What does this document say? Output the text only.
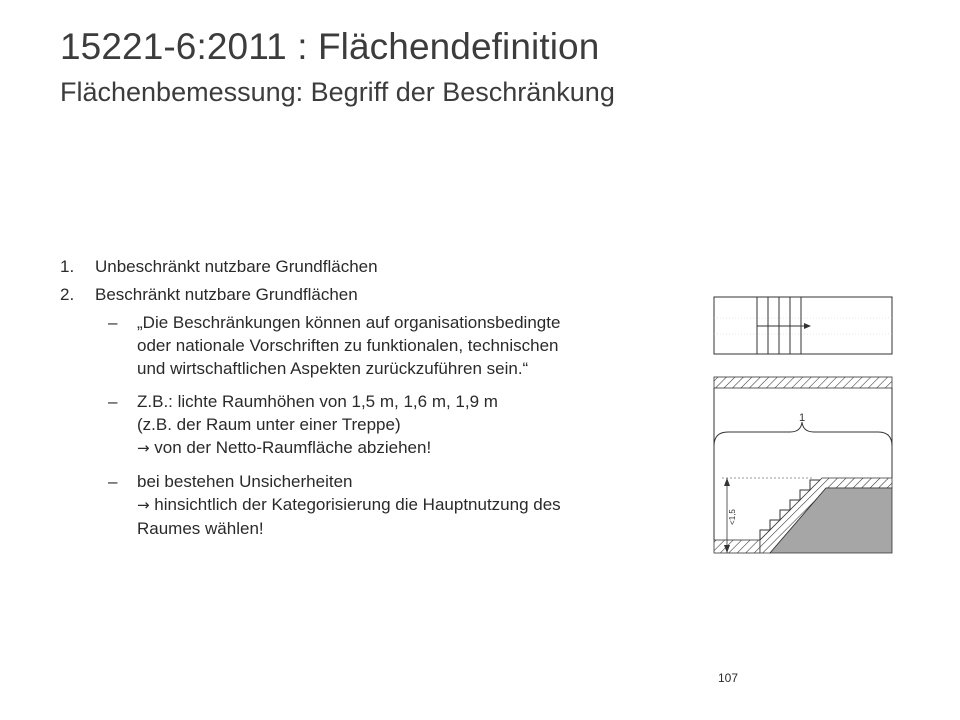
15221-6:2011 : Flächendefinition
Flächenbemessung: Begriff der Beschränkung
1. Unbeschränkt nutzbare Grundflächen
2. Beschränkt nutzbare Grundflächen
– „Die Beschränkungen können auf organisationsbedingte
oder nationale Vorschriften zu funktionalen, technischen
und wirtschaftlichen Aspekten zurückzuführen sein.“
– Z.B.: lichte Raumhöhen von 1,5 m, 1,6 m, 1,9 m
(z.B. der Raum unter einer Treppe)
→ von der Netto-Raumfläche abziehen!
– bei bestehen Unsicherheiten
→ hinsichtlich der Kategorisierung die Hauptnutzung des
Raumes wählen!
<1,5
1
107
